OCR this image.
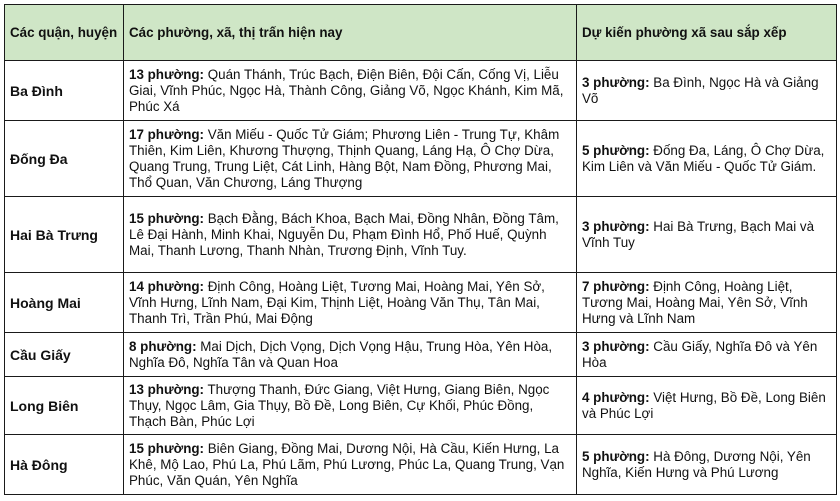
Các quận, huyện	Các phường, xã, thị trấn hiện nay	Dự kiến phường xã sau sắp xếp
Ba Đình	13 phường: Quán Thánh, Trúc Bạch, Điện Biên, Đội Cấn, Cống Vị, Liễu Giai, Vĩnh Phúc, Ngọc Hà, Thành Công, Giảng Võ, Ngọc Khánh, Kim Mã, Phúc Xá	3 phường: Ba Đình, Ngọc Hà và Giảng Võ
Đống Đa	17 phường: Văn Miếu - Quốc Tử Giám; Phương Liên - Trung Tự, Khâm Thiên, Kim Liên, Khương Thượng, Thịnh Quang, Láng Hạ, Ô Chợ Dừa, Quang Trung, Trung Liệt, Cát Linh, Hàng Bột, Nam Đồng, Phương Mai, Thổ Quan, Văn Chương, Láng Thượng	5 phường: Đống Đa, Láng, Ô Chợ Dừa, Kim Liên và Văn Miếu - Quốc Tử Giám.
Hai Bà Trưng	15 phường: Bạch Đằng, Bách Khoa, Bạch Mai, Đồng Nhân, Đồng Tâm, Lê Đại Hành, Minh Khai, Nguyễn Du, Phạm Đình Hổ, Phố Huế, Quỳnh Mai, Thanh Lương, Thanh Nhàn, Trương Định, Vĩnh Tuy.	3 phường: Hai Bà Trưng, Bạch Mai và Vĩnh Tuy
Hoàng Mai	14 phường: Định Công, Hoàng Liệt, Tương Mai, Hoàng Mai, Yên Sở, Vĩnh Hưng, Lĩnh Nam, Đại Kim, Thịnh Liệt, Hoàng Văn Thụ, Tân Mai, Thanh Trì, Trần Phú, Mai Động	7 phường: Định Công, Hoàng Liệt, Tương Mai, Hoàng Mai, Yên Sở, Vĩnh Hưng và Lĩnh Nam
Cầu Giấy	8 phường: Mai Dịch, Dịch Vọng, Dịch Vọng Hậu, Trung Hòa, Yên Hòa, Nghĩa Đô, Nghĩa Tân và Quan Hoa	3 phường: Cầu Giấy, Nghĩa Đô và Yên Hòa
Long Biên	13 phường: Thượng Thanh, Đức Giang, Việt Hưng, Giang Biên, Ngọc Thụy, Ngọc Lâm, Gia Thụy, Bồ Đề, Long Biên, Cự Khối, Phúc Đồng, Thạch Bàn, Phúc Lợi	4 phường: Việt Hưng, Bồ Đề, Long Biên và Phúc Lợi
Hà Đông	15 phường: Biên Giang, Đồng Mai, Dương Nội, Hà Cầu, Kiến Hưng, La Khê, Mộ Lao, Phú La, Phú Lãm, Phú Lương, Phúc La, Quang Trung, Vạn Phúc, Văn Quán, Yên Nghĩa	5 phường: Hà Đông, Dương Nội, Yên Nghĩa, Kiến Hưng và Phú Lương
